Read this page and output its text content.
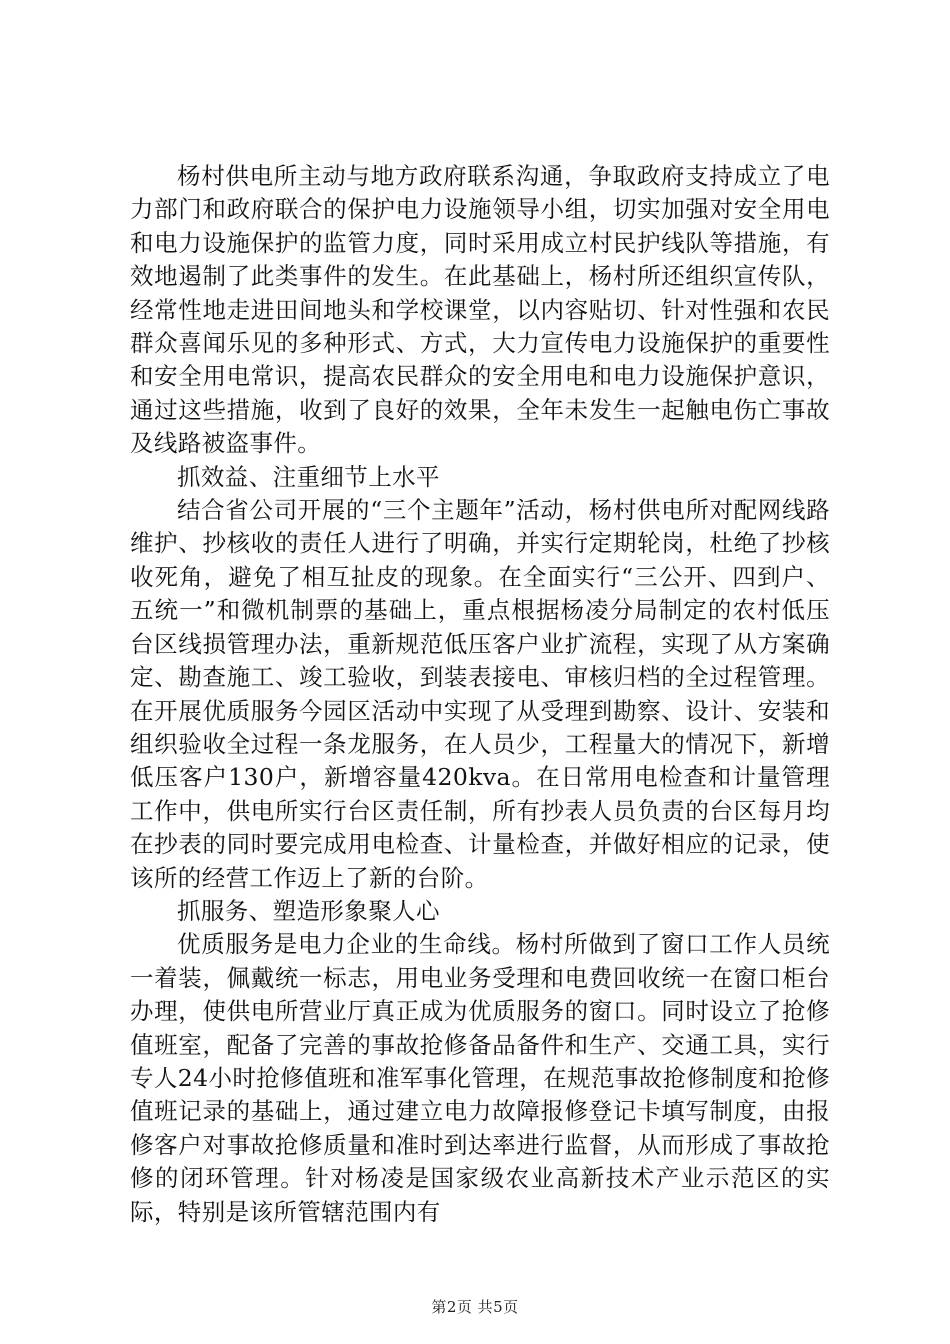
杨村供电所主动与地方政府联系沟通，争取政府支持成立了电力部门和政府联合的保护电力设施领导小组，切实加强对安全用电和电力设施保护的监管力度，同时采用成立村民护线队等措施，有效地遏制了此类事件的发生。在此基础上，杨村所还组织宣传队，经常性地走进田间地头和学校课堂，以内容贴切、针对性强和农民群众喜闻乐见的多种形式、方式，大力宣传电力设施保护的重要性和安全用电常识，提高农民群众的安全用电和电力设施保护意识，通过这些措施，收到了良好的效果，全年未发生一起触电伤亡事故及线路被盗事件。

抓效益、注重细节上水平

结合省公司开展的“三个主题年”活动，杨村供电所对配网线路维护、抄核收的责任人进行了明确，并实行定期轮岗，杜绝了抄核收死角，避免了相互扯皮的现象。在全面实行“三公开、四到户、五统一”和微机制票的基础上，重点根据杨凌分局制定的农村低压台区线损管理办法，重新规范低压客户业扩流程，实现了从方案确定、勘查施工、竣工验收，到装表接电、审核归档的全过程管理。在开展优质服务今园区活动中实现了从受理到勘察、设计、安装和组织验收全过程一条龙服务，在人员少，工程量大的情况下，新增低压客户130户，新增容量420kva。在日常用电检查和计量管理工作中，供电所实行台区责任制，所有抄表人员负责的台区每月均在抄表的同时要完成用电检查、计量检查，并做好相应的记录，使该所的经营工作迈上了新的台阶。

抓服务、塑造形象聚人心

优质服务是电力企业的生命线。杨村所做到了窗口工作人员统一着装，佩戴统一标志，用电业务受理和电费回收统一在窗口柜台办理，使供电所营业厅真正成为优质服务的窗口。同时设立了抢修值班室，配备了完善的事故抢修备品备件和生产、交通工具，实行专人24小时抢修值班和准军事化管理，在规范事故抢修制度和抢修值班记录的基础上，通过建立电力故障报修登记卡填写制度，由报修客户对事故抢修质量和准时到达率进行监督，从而形成了事故抢修的闭环管理。针对杨凌是国家级农业高新技术产业示范区的实际，特别是该所管辖范围内有

第2页 共5页
